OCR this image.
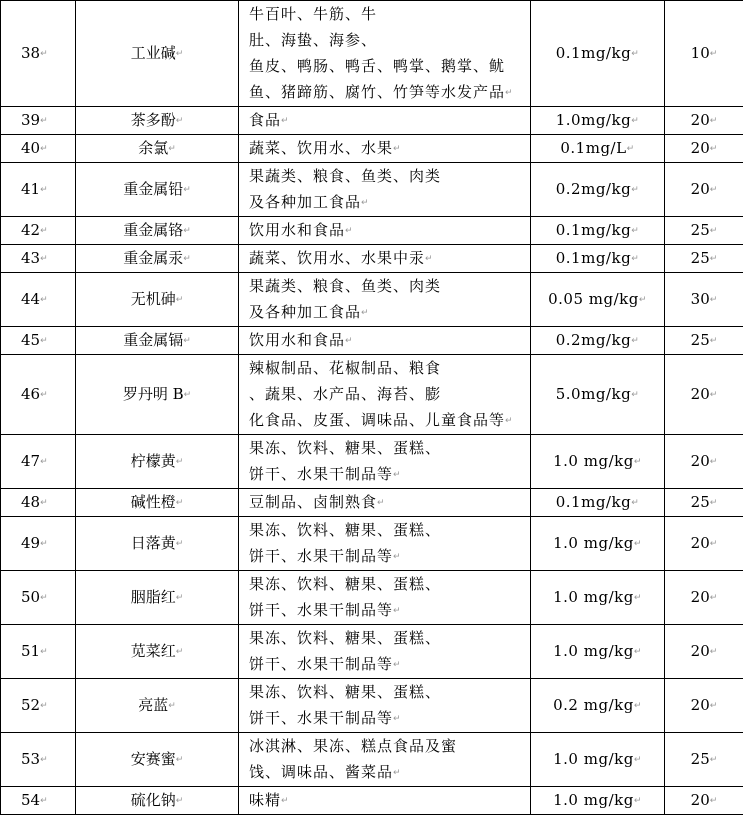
38↵	工业碱↵	牛百叶、牛筋、牛
肚、海蛰、海参、
鱼皮、鸭肠、鸭舌、鸭掌、鹅掌、鱿鱼、猪蹄筋、腐竹、竹笋等水发产品↵	0.1mg/kg↵	10↵
39↵	茶多酚↵	食品↵	1.0mg/kg↵	20↵
40↵	余氯↵	蔬菜、饮用水、水果↵	0.1mg/L↵	20↵
41↵	重金属铅↵	果蔬类、粮食、鱼类、肉类
及各种加工食品↵	0.2mg/kg↵	20↵
42↵	重金属铬↵	饮用水和食品↵	0.1mg/kg↵	25↵
43↵	重金属汞↵	蔬菜、饮用水、水果中汞↵	0.1mg/kg↵	25↵
44↵	无机砷↵	果蔬类、粮食、鱼类、肉类
及各种加工食品↵	0.05 mg/kg↵	30↵
45↵	重金属镉↵	饮用水和食品↵	0.2mg/kg↵	25↵
46↵	罗丹明 B↵	辣椒制品、花椒制品、粮食
、蔬果、水产品、海苔、膨
化食品、皮蛋、调味品、儿童食品等↵	5.0mg/kg↵	20↵
47↵	柠檬黄↵	果冻、饮料、糖果、蛋糕、
饼干、水果干制品等↵	1.0 mg/kg↵	20↵
48↵	碱性橙↵	豆制品、卤制熟食↵	0.1mg/kg↵	25↵
49↵	日落黄↵	果冻、饮料、糖果、蛋糕、
饼干、水果干制品等↵	1.0 mg/kg↵	20↵
50↵	胭脂红↵	果冻、饮料、糖果、蛋糕、
饼干、水果干制品等↵	1.0 mg/kg↵	20↵
51↵	苋菜红↵	果冻、饮料、糖果、蛋糕、
饼干、水果干制品等↵	1.0 mg/kg↵	20↵
52↵	亮蓝↵	果冻、饮料、糖果、蛋糕、
饼干、水果干制品等↵	0.2 mg/kg↵	20↵
53↵	安赛蜜↵	冰淇淋、果冻、糕点食品及蜜
饯、调味品、酱菜品↵	1.0 mg/kg↵	25↵
54↵	硫化钠↵	味精↵	1.0 mg/kg↵	20↵
